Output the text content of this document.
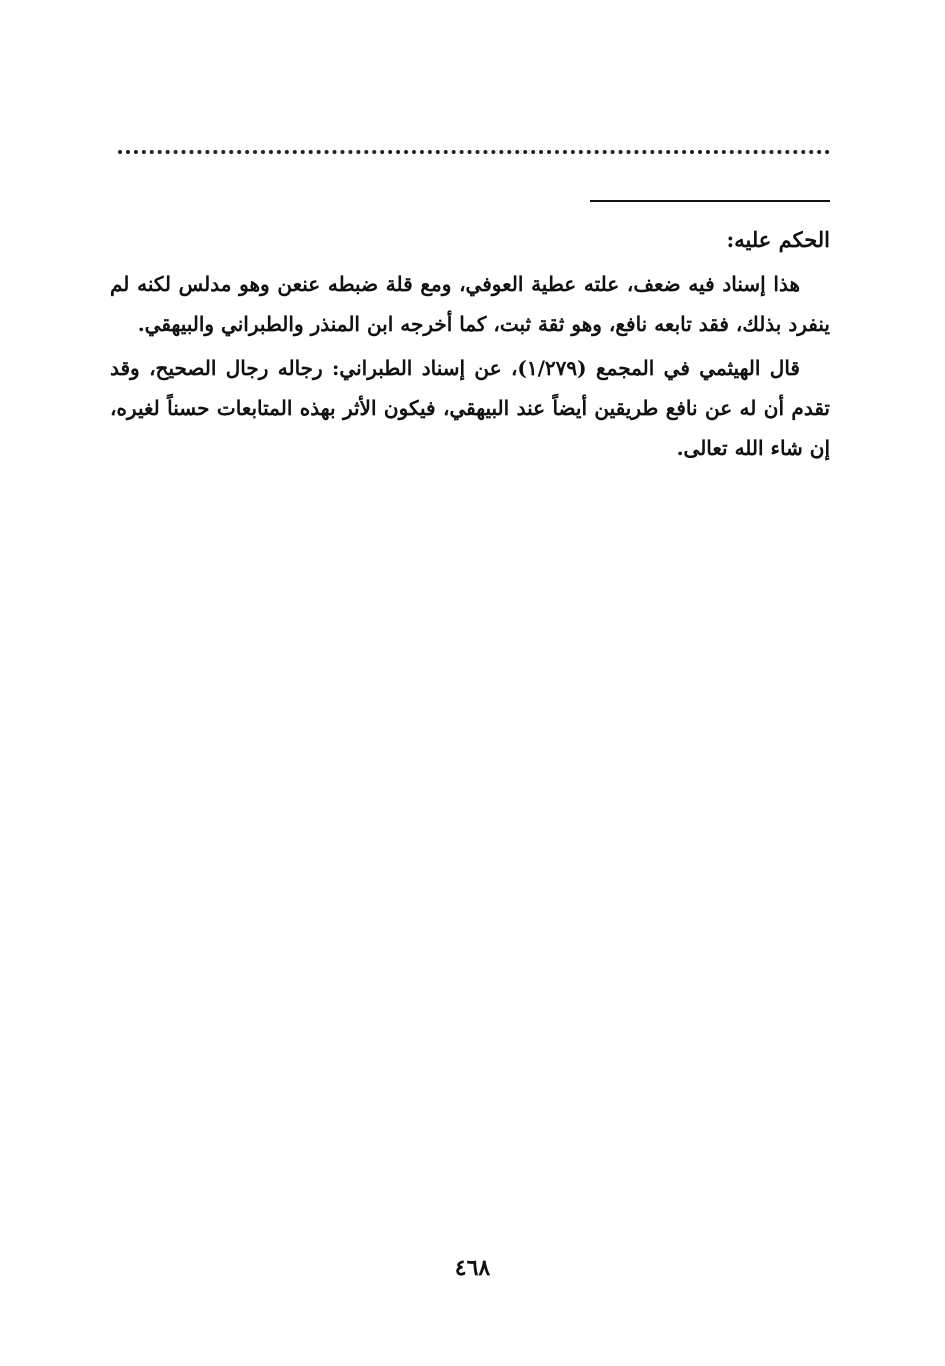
الحكم عليه:

هذا إسناد فيه ضعف، علته عطية العوفي، ومع قلة ضبطه عنعن وهو مدلس لكنه لم ينفرد بذلك، فقد تابعه نافع، وهو ثقة ثبت، كما أخرجه ابن المنذر والطبراني والبيهقي.

قال الهيثمي في المجمع (١/٢٧٩)، عن إسناد الطبراني: رجاله رجال الصحيح، وقد تقدم أن له عن نافع طريقين أيضاً عند البيهقي، فيكون الأثر بهذه المتابعات حسناً لغيره، إن شاء الله تعالى.

٤٦٨
